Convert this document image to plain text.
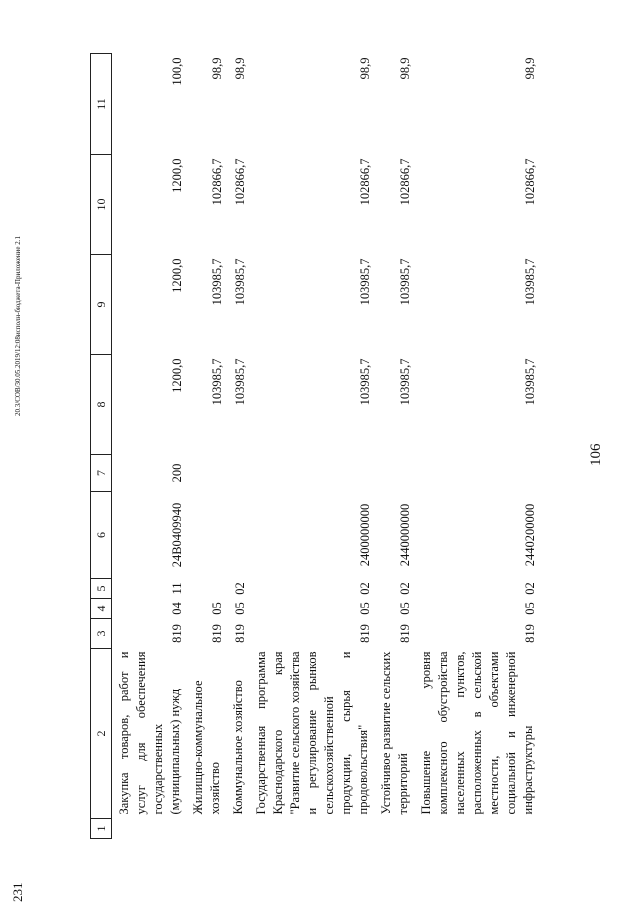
231
20.3/СОВ/30.05.2019/12:08исполн-бюджета-Приложение 2.1
106
1	2	3	4	5	6	7	8	9	10	11
	Закупка товаров, работ и услуг для обеспечения государственных (муниципальных) нужд	819	04	11	24В0409940	200	1200,0	1200,0	1200,0	100,0
	Жилищно-коммунальное хозяйство	819	05				103985,7	103985,7	102866,7	98,9
	Коммунальное хозяйство	819	05	02			103985,7	103985,7	102866,7	98,9
	Государственная программа Краснодарского края "Развитие сельского хозяйства и регулирование рынков сельскохозяйственной продукции, сырья и продовольствия"	819	05	02	2400000000		103985,7	103985,7	102866,7	98,9
	Устойчивое развитие сельских территорий	819	05	02	2440000000		103985,7	103985,7	102866,7	98,9
	Повышение уровня комплексного обустройства населенных пунктов, расположенных в сельской местности, объектами социальной и инженерной инфраструктуры	819	05	02	2440200000		103985,7	103985,7	102866,7	98,9
